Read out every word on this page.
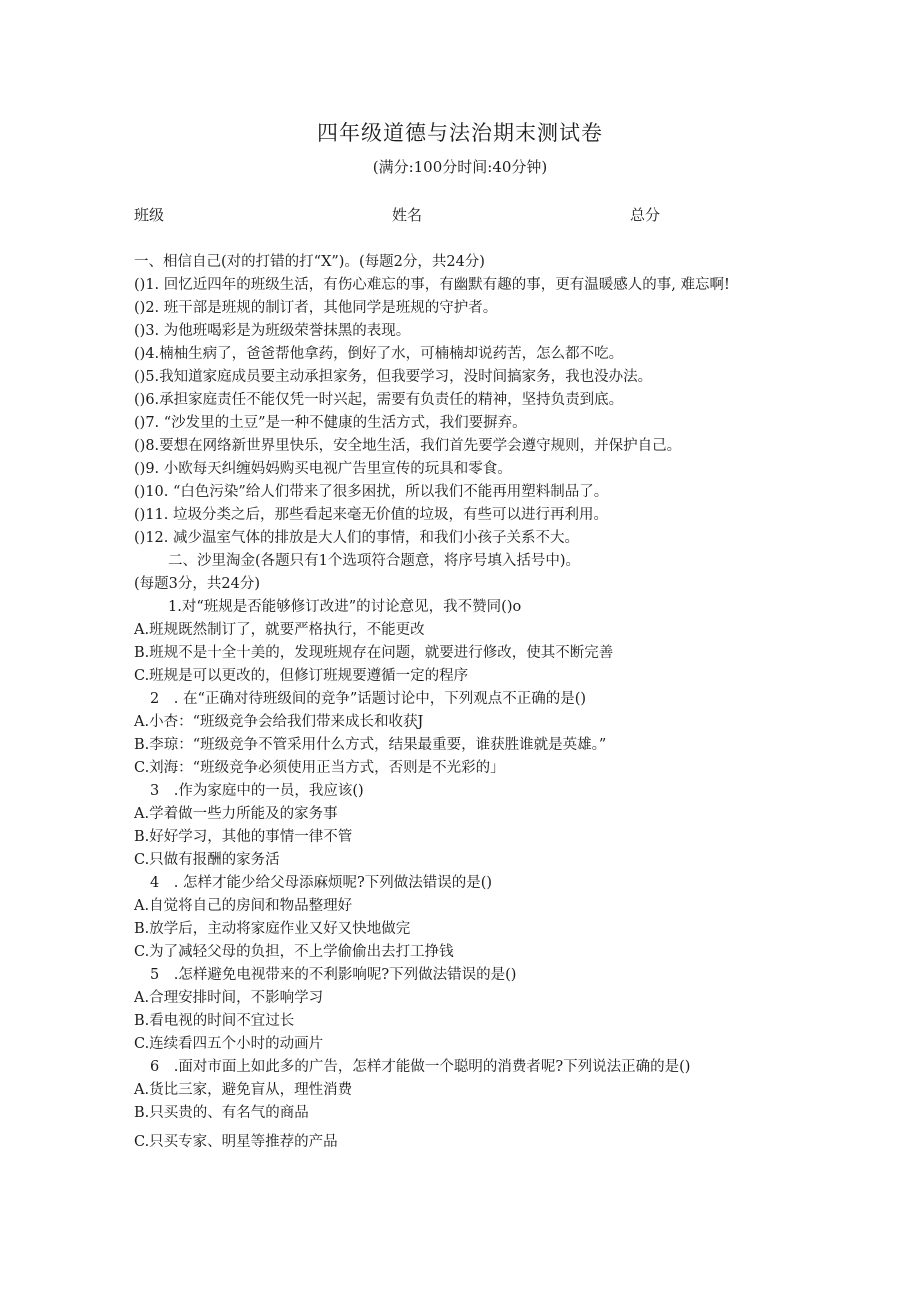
四年级道德与法治期末测试卷
(满分:100分时间:40分钟)
班级	姓名	总分
一、相信自己(对的打错的打“X”)。(每题2分，共24分)
()1. 回忆近四年的班级生活，有伤心难忘的事，有幽默有趣的事，更有温暖感人的事, 难忘啊!
()2. 班干部是班规的制订者，其他同学是班规的守护者。
()3. 为他班喝彩是为班级荣誉抹黑的表现。
()4.楠柚生病了，爸爸帮他拿药，倒好了水，可楠楠却说药苦，怎么都不吃。
()5.我知道家庭成员要主动承担家务，但我要学习，没时间搞家务，我也没办法。
()6.承担家庭责任不能仅凭一时兴起，需要有负责任的精神，坚持负责到底。
()7. “沙发里的土豆”是一种不健康的生活方式，我们要摒弃。
()8.要想在网络新世界里快乐，安全地生活，我们首先要学会遵守规则，并保护自己。
()9. 小欧每天纠缠妈妈购买电视广告里宣传的玩具和零食。
()10. “白色污染”给人们带来了很多困扰，所以我们不能再用塑料制品了。
()11. 垃圾分类之后，那些看起来毫无价值的垃圾，有些可以进行再利用。
()12. 减少温室气体的排放是大人们的事情，和我们小孩子关系不大。
二、沙里淘金(各题只有1个选项符合题意，将序号填入括号中)。
(每题3分，共24分)
1.对“班规是否能够修订改进”的讨论意见，我不赞同()o
A.班规既然制订了，就要严格执行，不能更改
B.班规不是十全十美的，发现班规存在问题，就要进行修改，使其不断完善
C.班规是可以更改的，但修订班规要遵循一定的程序
2　. 在“正确对待班级间的竞争”话题讨论中，下列观点不正确的是()
A.小杏：“班级竞争会给我们带来成长和收获J
B.李琼：“班级竞争不管采用什么方式，结果最重要，谁获胜谁就是英雄。”
C.刘海：“班级竞争必须使用正当方式，否则是不光彩的」
3　.作为家庭中的一员，我应该()
A.学着做一些力所能及的家务事
B.好好学习，其他的事情一律不管
C.只做有报酬的家务活
4　. 怎样才能少给父母添麻烦呢?下列做法错误的是()
A.自觉将自己的房间和物品整理好
B.放学后，主动将家庭作业又好又快地做完
C.为了减轻父母的负担，不上学偷偷出去打工挣钱
5　.怎样避免电视带来的不利影响呢?下列做法错误的是()
A.合理安排时间，不影响学习
B.看电视的时间不宜过长
C.连续看四五个小时的动画片
6　.面对市面上如此多的广告，怎样才能做一个聪明的消费者呢?下列说法正确的是()
A.货比三家，避免盲从，理性消费
B.只买贵的、有名气的商品
C.只买专家、明星等推荐的产品
